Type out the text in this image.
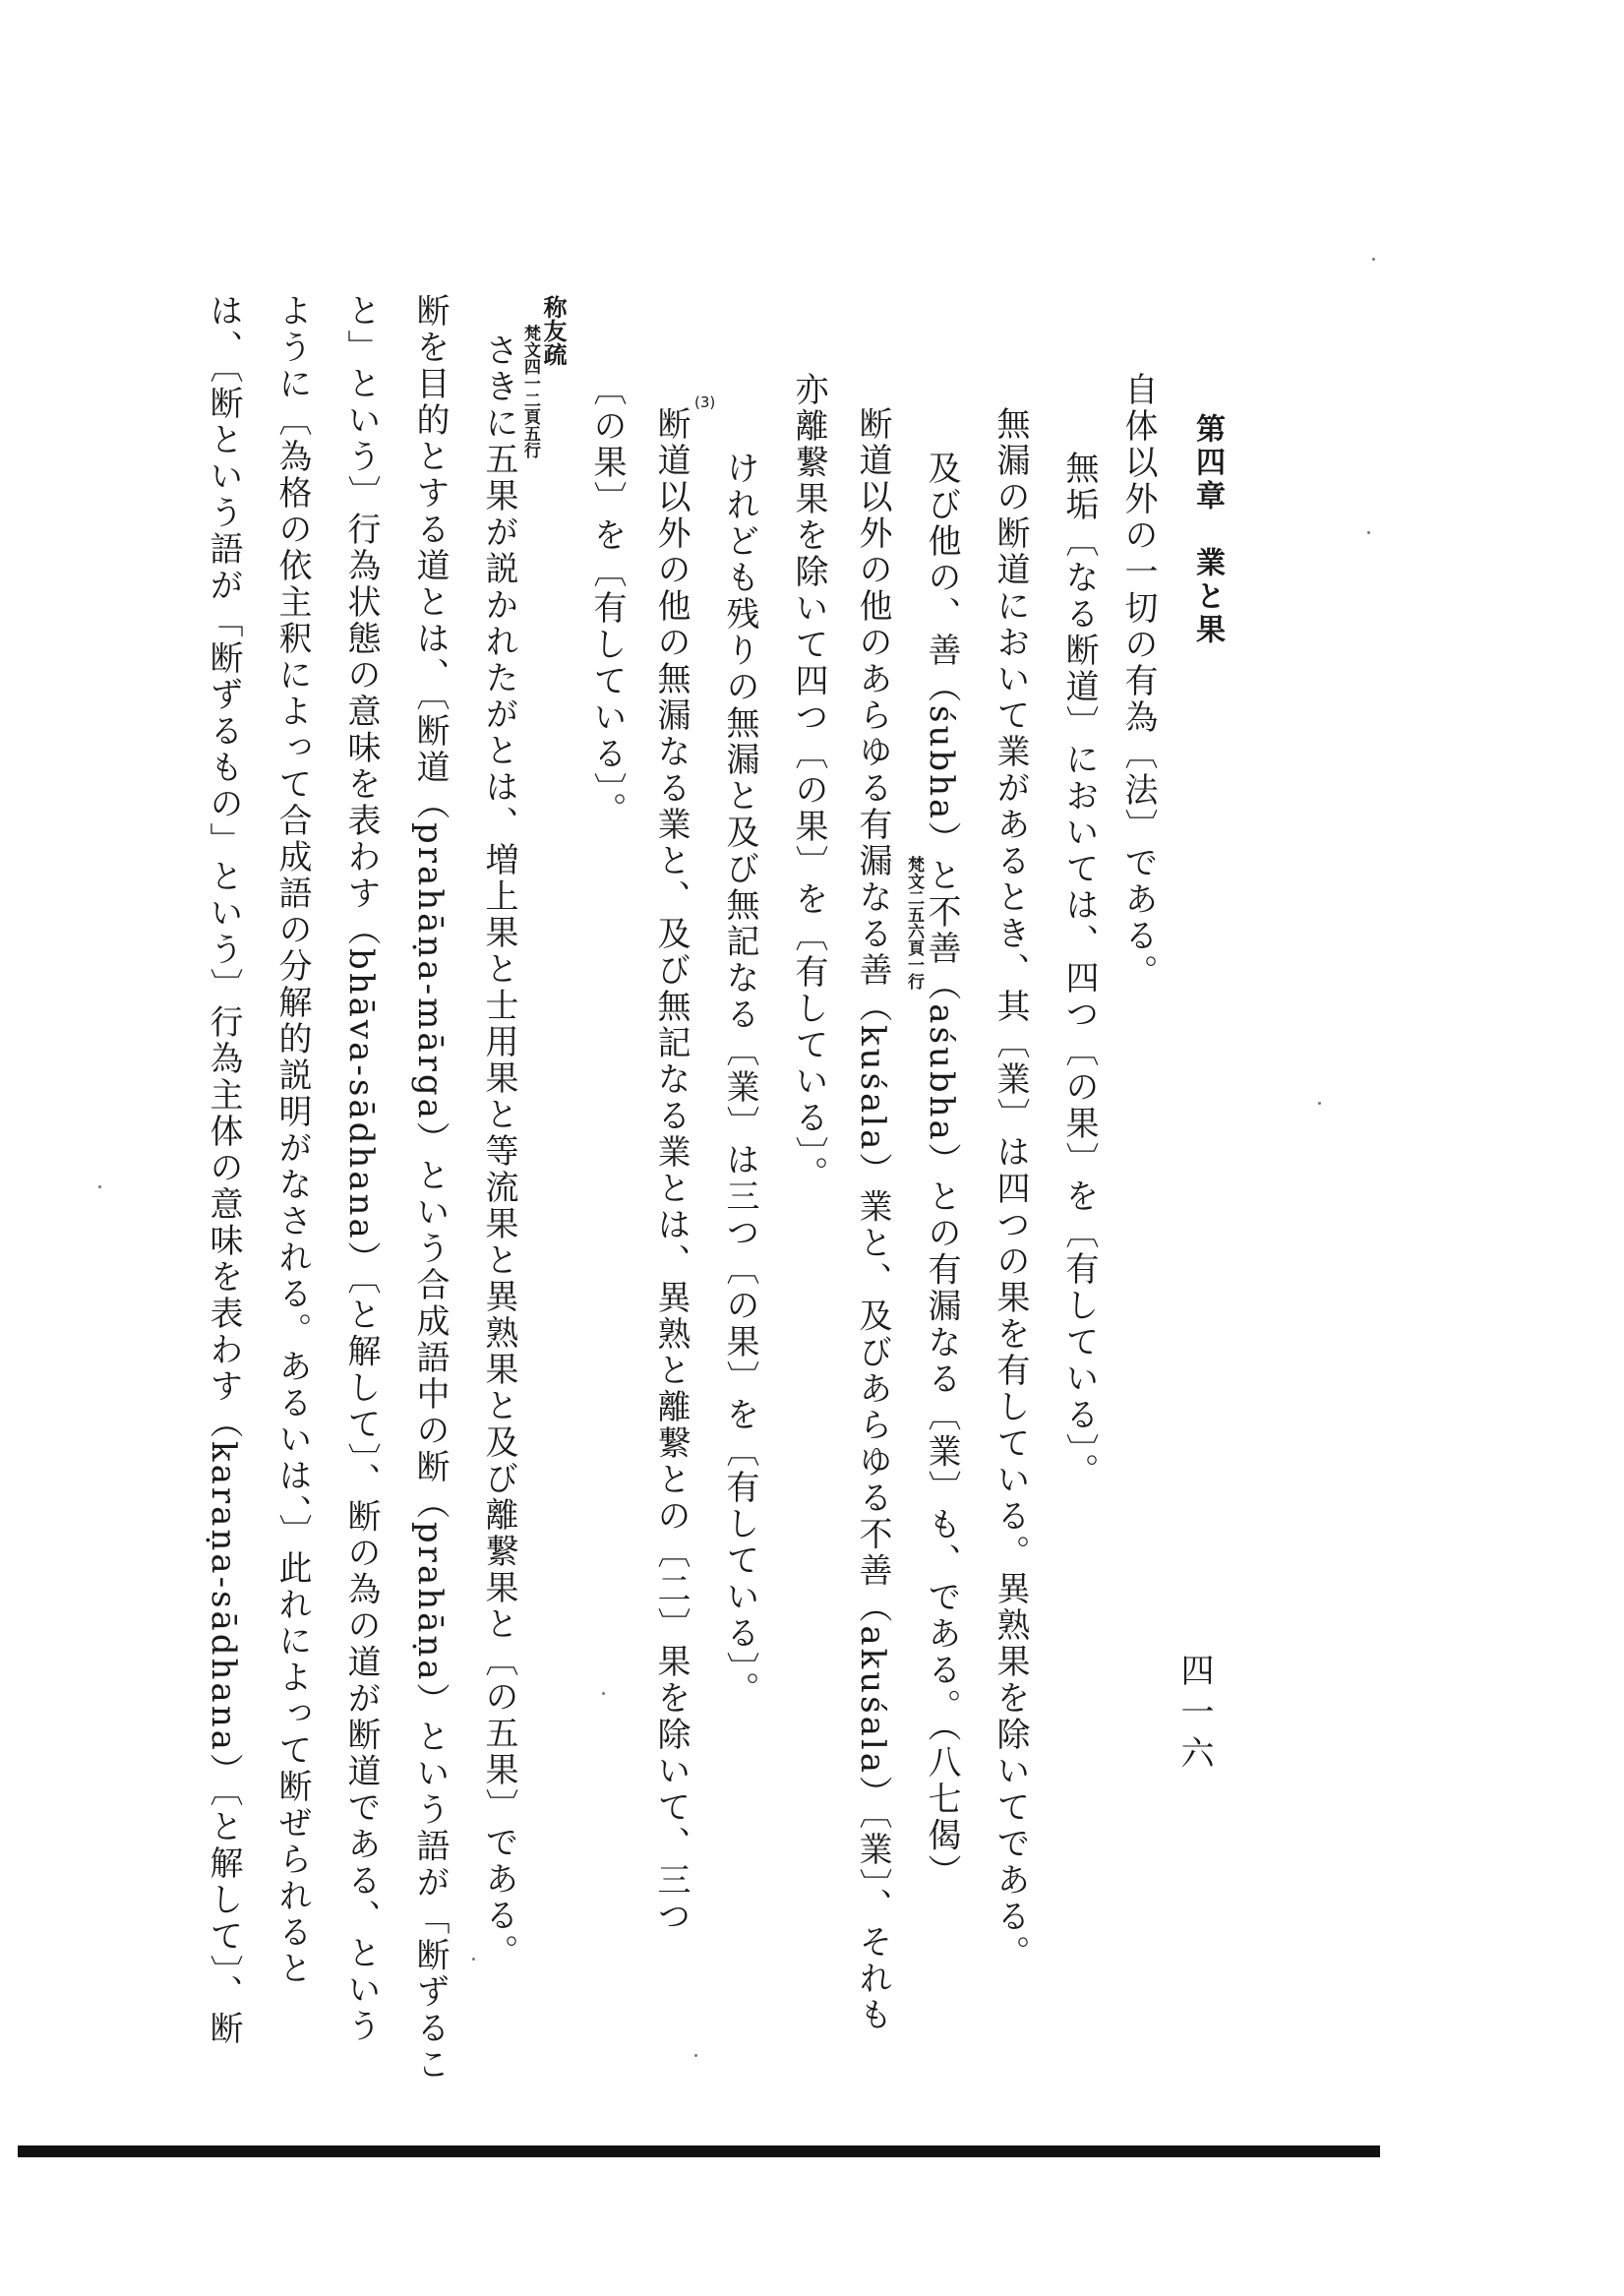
第四章　業と果
四一六
自体以外の一切の有為〔法〕である。
無垢〔なる断道〕においては、四つ〔の果〕を〔有している〕。
無漏の断道において業があるとき、其〔業〕は四つの果を有している。異熟果を除いてである。
及び他の、善（śubha）と不善（aśubha）との有漏なる〔業〕も、である。（八七偈）
断道以外の他のあらゆる有漏なる善（kuśala）業と、及びあらゆる不善（akuśala）〔業〕、それも
亦離繋果を除いて四つ〔の果〕を〔有している〕。
けれども残りの無漏と及び無記なる〔業〕は三つ〔の果〕を〔有している〕。
断道以外の他の無漏なる業と、及び無記なる業とは、異熟と離繋との〔二〕果を除いて、三つ
〔の果〕を〔有している〕。
さきに五果が説かれたがとは、増上果と士用果と等流果と異熟果と及び離繋果と〔の五果〕である。
断を目的とする道とは、〔断道（prahāṇa-mārga）という合成語中の断（prahāṇa）という語が「断ずるこ
と」という〕行為状態の意味を表わす（bhāva-sādhana）〔と解して〕、断の為の道が断道である、という
ように〔為格の依主釈によって合成語の分解的説明がなされる。あるいは、〕此れによって断ぜられると
は、〔断という語が「断ずるもの」という〕行為主体の意味を表わす（karaṇa-sādhana）〔と解して〕、断	梵文二五六頁一行
梵文四一二頁五行 称友疏
(3)
